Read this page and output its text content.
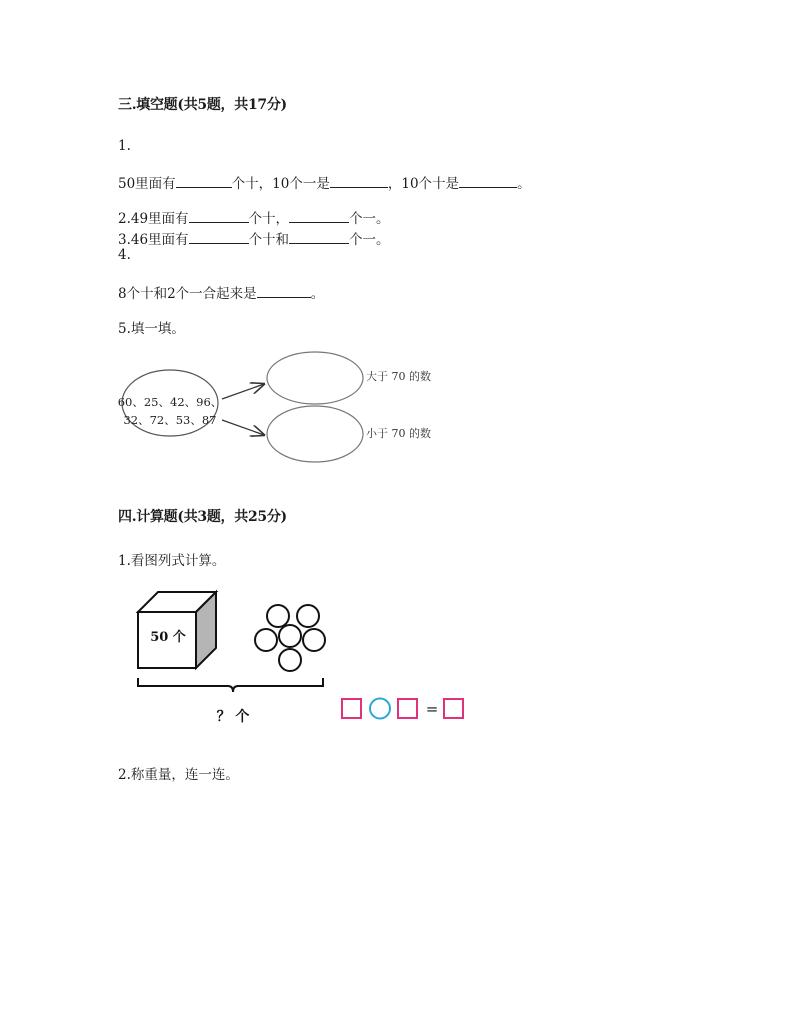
三.填空题(共5题，共17分)
1.
50里面有	个十，10个一是	，10个十是	。
2.49里面有	个十，	个一。
3.46里面有	个十和	个一。
4.
8个十和2个一合起来是	。
5.填一填。
60、25、42、96、
32、72、53、87
大于 70 的数
小于 70 的数
四.计算题(共3题，共25分)
1.看图列式计算。
50 个
？ 个	=
2.称重量，连一连。
